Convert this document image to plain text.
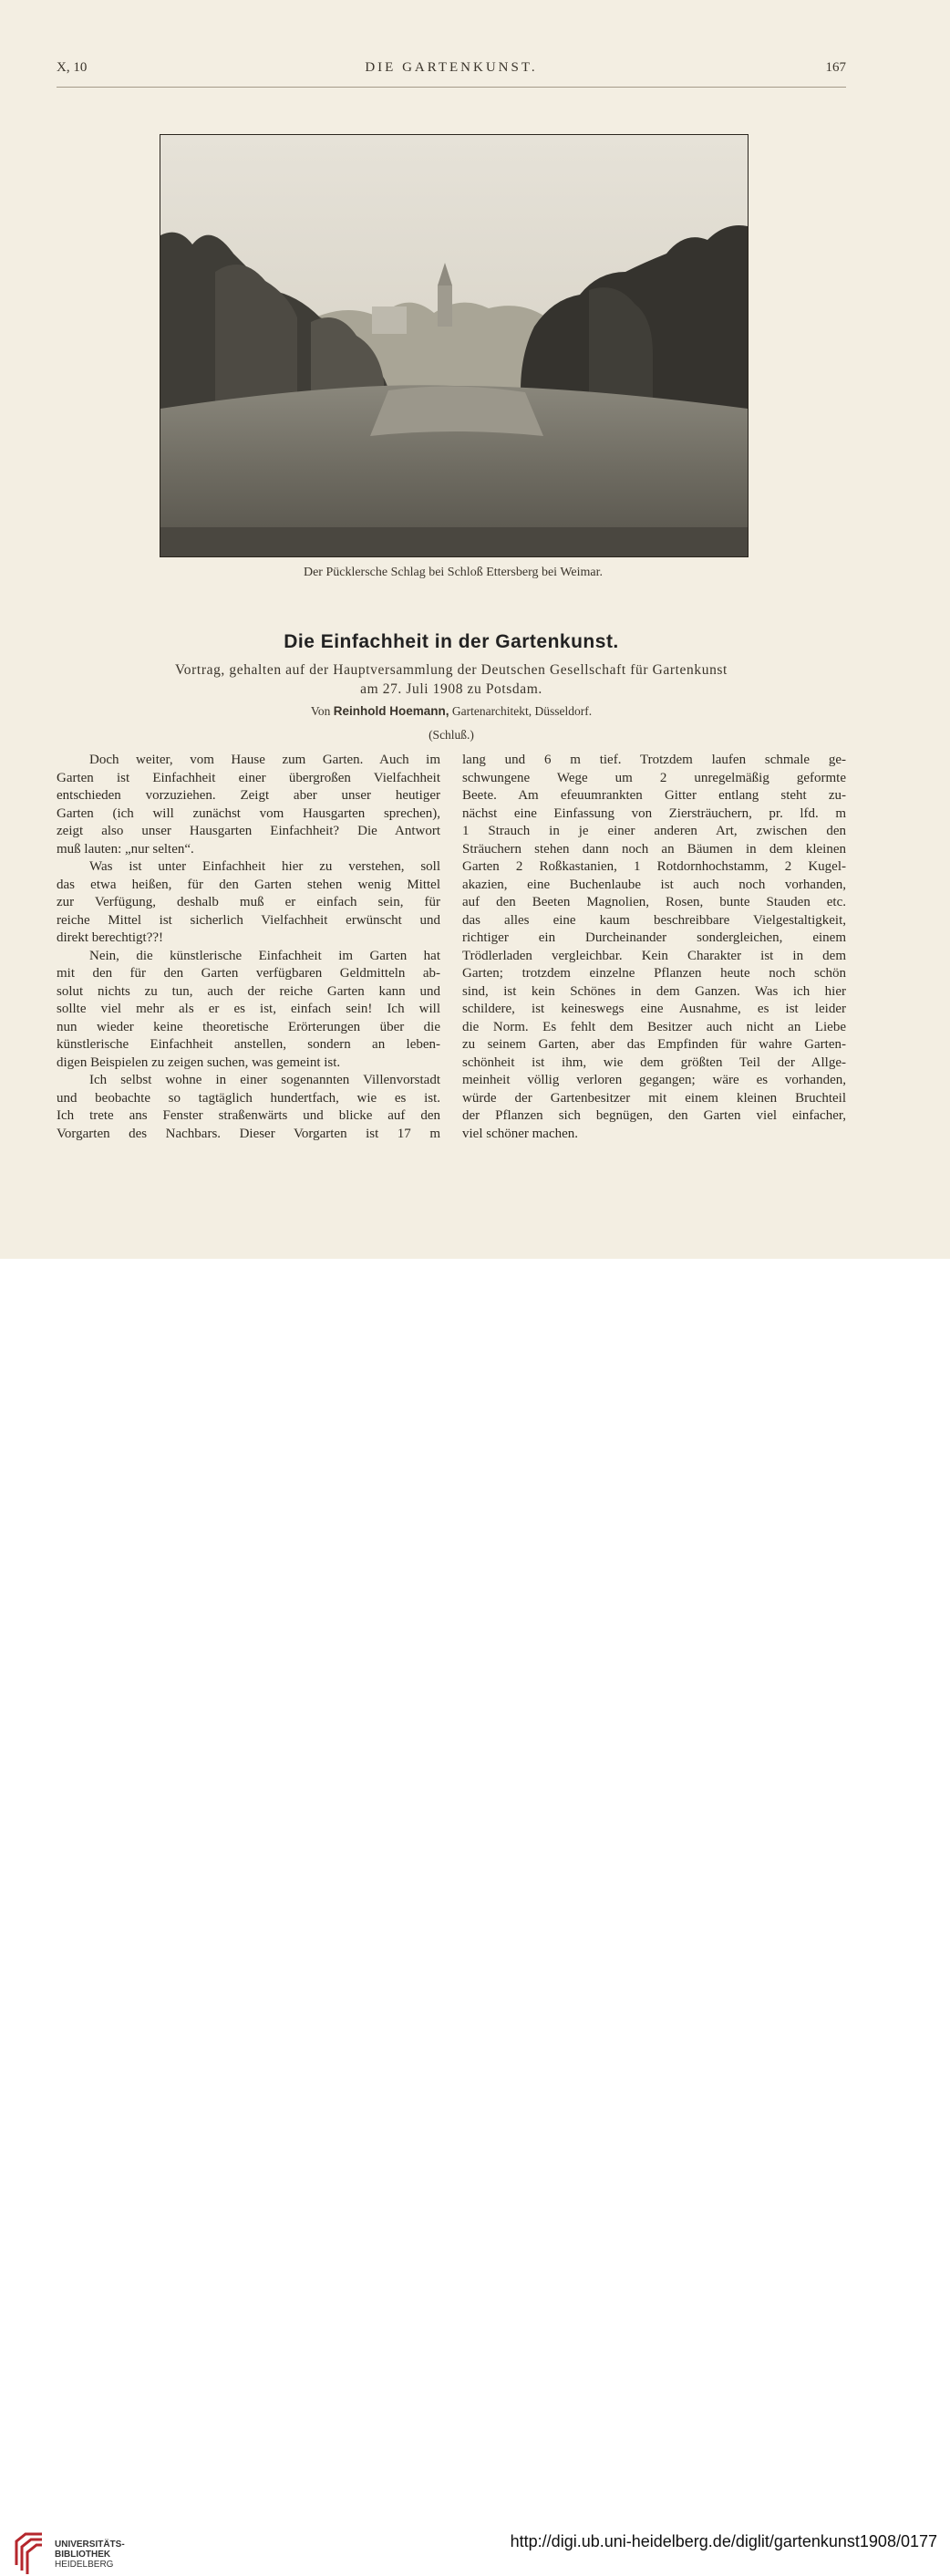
X, 10	DIE GARTENKUNST.	167
Der Pücklersche Schlag bei Schloß Ettersberg bei Weimar.
Die Einfachheit in der Gartenkunst.
Vortrag, gehalten auf der Hauptversammlung der Deutschen Gesellschaft für Gartenkunst
am 27. Juli 1908 zu Potsdam.
Von Reinhold Hoemann, Gartenarchitekt, Düsseldorf.
(Schluß.)
Doch weiter, vom Hause zum Garten. Auch im
Garten ist Einfachheit einer übergroßen Vielfachheit
entschieden vorzuziehen. Zeigt aber unser heutiger
Garten (ich will zunächst vom Hausgarten sprechen),
zeigt also unser Hausgarten Einfachheit? Die Antwort
muß lauten: „nur selten“.
Was ist unter Einfachheit hier zu verstehen, soll
das etwa heißen, für den Garten stehen wenig Mittel
zur Verfügung, deshalb muß er einfach sein, für
reiche Mittel ist sicherlich Vielfachheit erwünscht und
direkt berechtigt??!
Nein, die künstlerische Einfachheit im Garten hat
mit den für den Garten verfügbaren Geldmitteln ab-
solut nichts zu tun, auch der reiche Garten kann und
sollte viel mehr als er es ist, einfach sein! Ich will
nun wieder keine theoretische Erörterungen über die
künstlerische Einfachheit anstellen, sondern an leben-
digen Beispielen zu zeigen suchen, was gemeint ist.
Ich selbst wohne in einer sogenannten Villenvorstadt
und beobachte so tagtäglich hundertfach, wie es ist.
Ich trete ans Fenster straßenwärts und blicke auf den
Vorgarten des Nachbars. Dieser Vorgarten ist 17 m
lang und 6 m tief. Trotzdem laufen schmale ge-
schwungene Wege um 2 unregelmäßig geformte
Beete. Am efeuumrankten Gitter entlang steht zu-
nächst eine Einfassung von Ziersträuchern, pr. lfd. m
1 Strauch in je einer anderen Art, zwischen den
Sträuchern stehen dann noch an Bäumen in dem kleinen
Garten 2 Roßkastanien, 1 Rotdornhochstamm, 2 Kugel-
akazien, eine Buchenlaube ist auch noch vorhanden,
auf den Beeten Magnolien, Rosen, bunte Stauden etc.
das alles eine kaum beschreibbare Vielgestaltigkeit,
richtiger ein Durcheinander sondergleichen, einem
Trödlerladen vergleichbar. Kein Charakter ist in dem
Garten; trotzdem einzelne Pflanzen heute noch schön
sind, ist kein Schönes in dem Ganzen. Was ich hier
schildere, ist keineswegs eine Ausnahme, es ist leider
die Norm. Es fehlt dem Besitzer auch nicht an Liebe
zu seinem Garten, aber das Empfinden für wahre Garten-
schönheit ist ihm, wie dem größten Teil der Allge-
meinheit völlig verloren gegangen; wäre es vorhanden,
würde der Gartenbesitzer mit einem kleinen Bruchteil
der Pflanzen sich begnügen, den Garten viel einfacher,
viel schöner machen.
UNIVERSITÄTS-
BIBLIOTHEK
HEIDELBERG
http://digi.ub.uni-heidelberg.de/diglit/gartenkunst1908/0177
